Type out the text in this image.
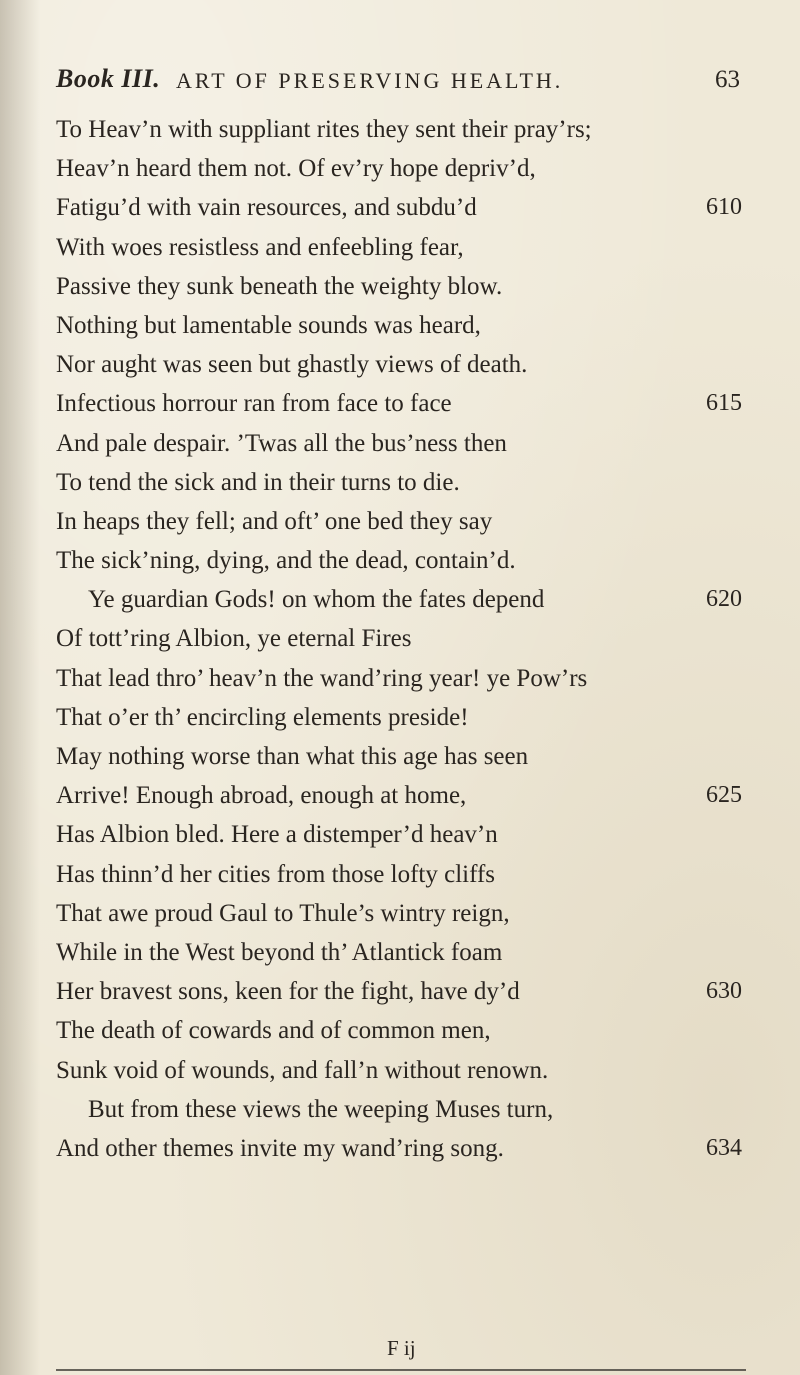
Book III. ART OF PRESERVING HEALTH.	63
To Heav’n with suppliant rites they sent their pray’rs;
Heav’n heard them not. Of ev’ry hope depriv’d,
Fatigu’d with vain resources, and subdu’d	610
With woes resistless and enfeebling fear,
Passive they sunk beneath the weighty blow.
Nothing but lamentable sounds was heard,
Nor aught was seen but ghastly views of death.
Infectious horrour ran from face to face	615
And pale despair. ’Twas all the bus’ness then
To tend the sick and in their turns to die.
In heaps they fell; and oft’ one bed they say
The sick’ning, dying, and the dead, contain’d.
Ye guardian Gods! on whom the fates depend	620
Of tott’ring Albion, ye eternal Fires
That lead thro’ heav’n the wand’ring year! ye Pow’rs
That o’er th’ encircling elements preside!
May nothing worse than what this age has seen
Arrive! Enough abroad, enough at home,	625
Has Albion bled. Here a distemper’d heav’n
Has thinn’d her cities from those lofty cliffs
That awe proud Gaul to Thule’s wintry reign,
While in the West beyond th’ Atlantick foam
Her bravest sons, keen for the fight, have dy’d	630
The death of cowards and of common men,
Sunk void of wounds, and fall’n without renown.
But from these views the weeping Muses turn,
And other themes invite my wand’ring song.	634
F ij
